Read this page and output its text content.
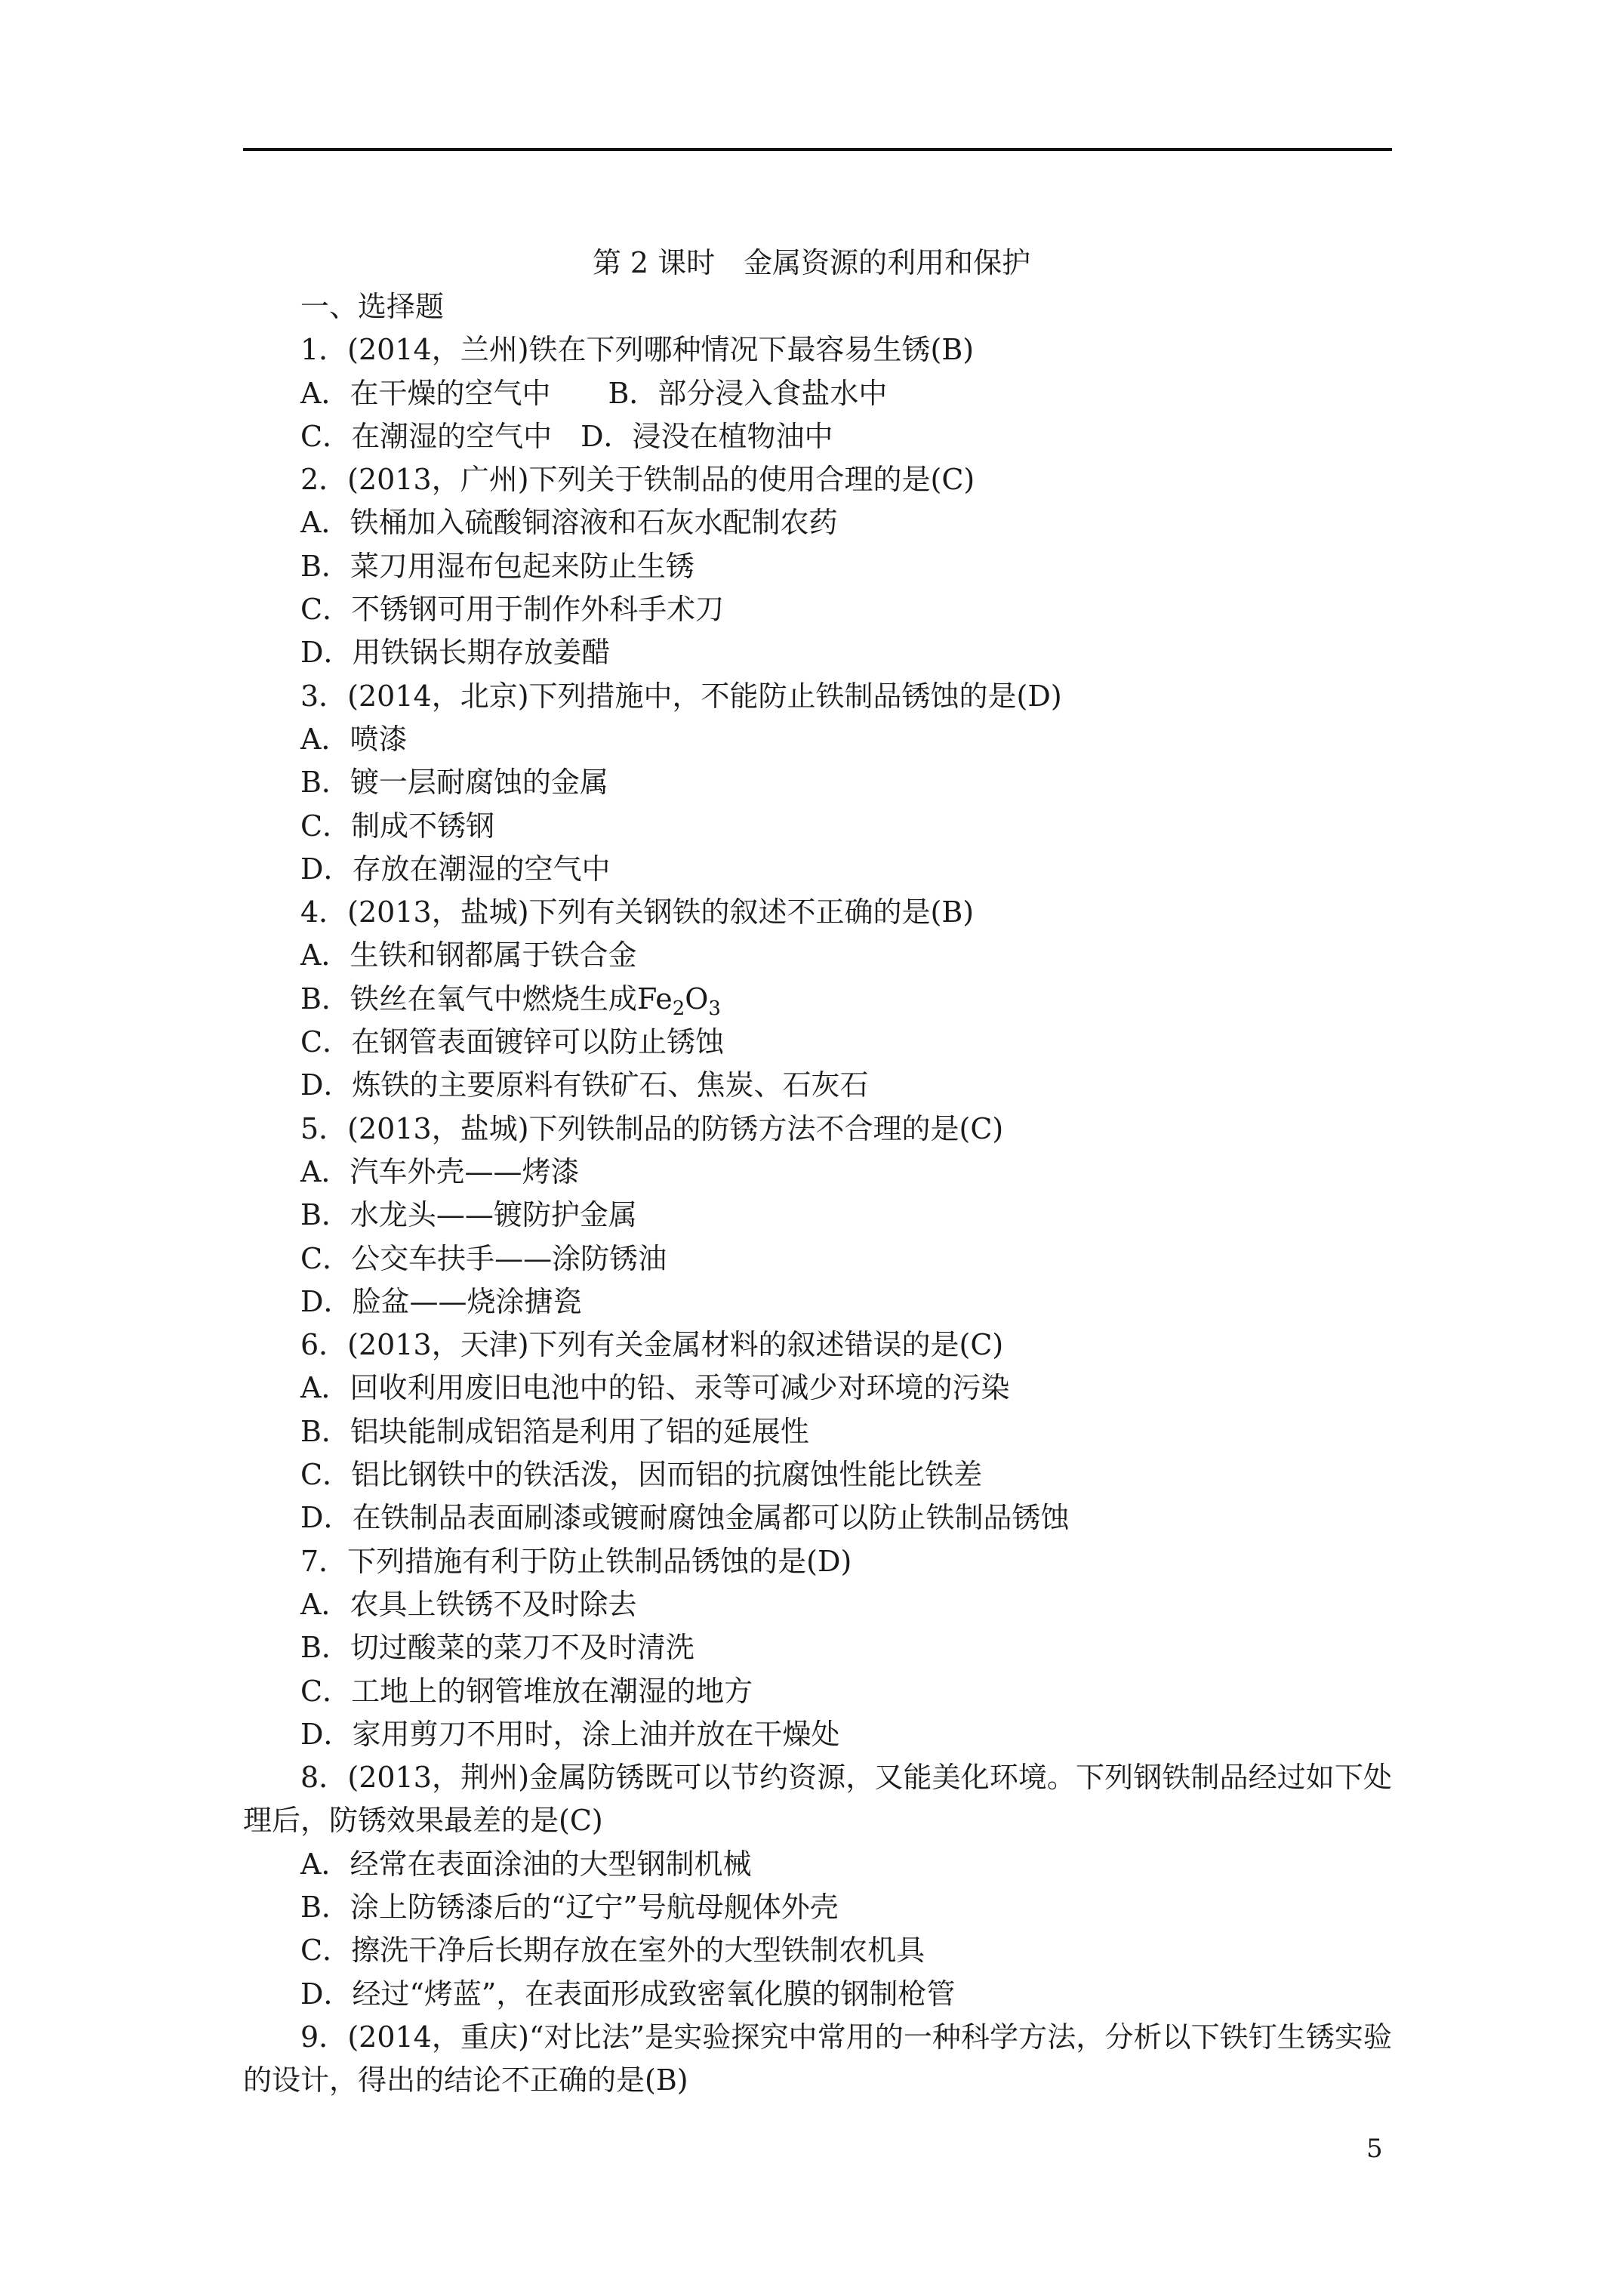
第 2 课时　金属资源的利用和保护
一、选择题
1．(2014，兰州)铁在下列哪种情况下最容易生锈(B)
A．在干燥的空气中　　B．部分浸入食盐水中
C．在潮湿的空气中　D．浸没在植物油中
2．(2013，广州)下列关于铁制品的使用合理的是(C)
A．铁桶加入硫酸铜溶液和石灰水配制农药
B．菜刀用湿布包起来防止生锈
C．不锈钢可用于制作外科手术刀
D．用铁锅长期存放姜醋
3．(2014，北京)下列措施中，不能防止铁制品锈蚀的是(D)
A．喷漆
B．镀一层耐腐蚀的金属
C．制成不锈钢
D．存放在潮湿的空气中
4．(2013，盐城)下列有关钢铁的叙述不正确的是(B)
A．生铁和钢都属于铁合金
B．铁丝在氧气中燃烧生成$Fe_2O_3$
C．在钢管表面镀锌可以防止锈蚀
D．炼铁的主要原料有铁矿石、焦炭、石灰石
5．(2013，盐城)下列铁制品的防锈方法不合理的是(C)
A．汽车外壳——烤漆
B．水龙头——镀防护金属
C．公交车扶手——涂防锈油
D．脸盆——烧涂搪瓷
6．(2013，天津)下列有关金属材料的叙述错误的是(C)
A．回收利用废旧电池中的铅、汞等可减少对环境的污染
B．铝块能制成铝箔是利用了铝的延展性
C．铝比钢铁中的铁活泼，因而铝的抗腐蚀性能比铁差
D．在铁制品表面刷漆或镀耐腐蚀金属都可以防止铁制品锈蚀
7．下列措施有利于防止铁制品锈蚀的是(D)
A．农具上铁锈不及时除去
B．切过酸菜的菜刀不及时清洗
C．工地上的钢管堆放在潮湿的地方
D．家用剪刀不用时，涂上油并放在干燥处
8．(2013，荆州)金属防锈既可以节约资源，又能美化环境。下列钢铁制品经过如下处理后，防锈效果最差的是(C)
A．经常在表面涂油的大型钢制机械
B．涂上防锈漆后的“辽宁”号航母舰体外壳
C．擦洗干净后长期存放在室外的大型铁制农机具
D．经过“烤蓝”，在表面形成致密氧化膜的钢制枪管
9．(2014，重庆)“对比法”是实验探究中常用的一种科学方法，分析以下铁钉生锈实验的设计，得出的结论不正确的是(B)
5
